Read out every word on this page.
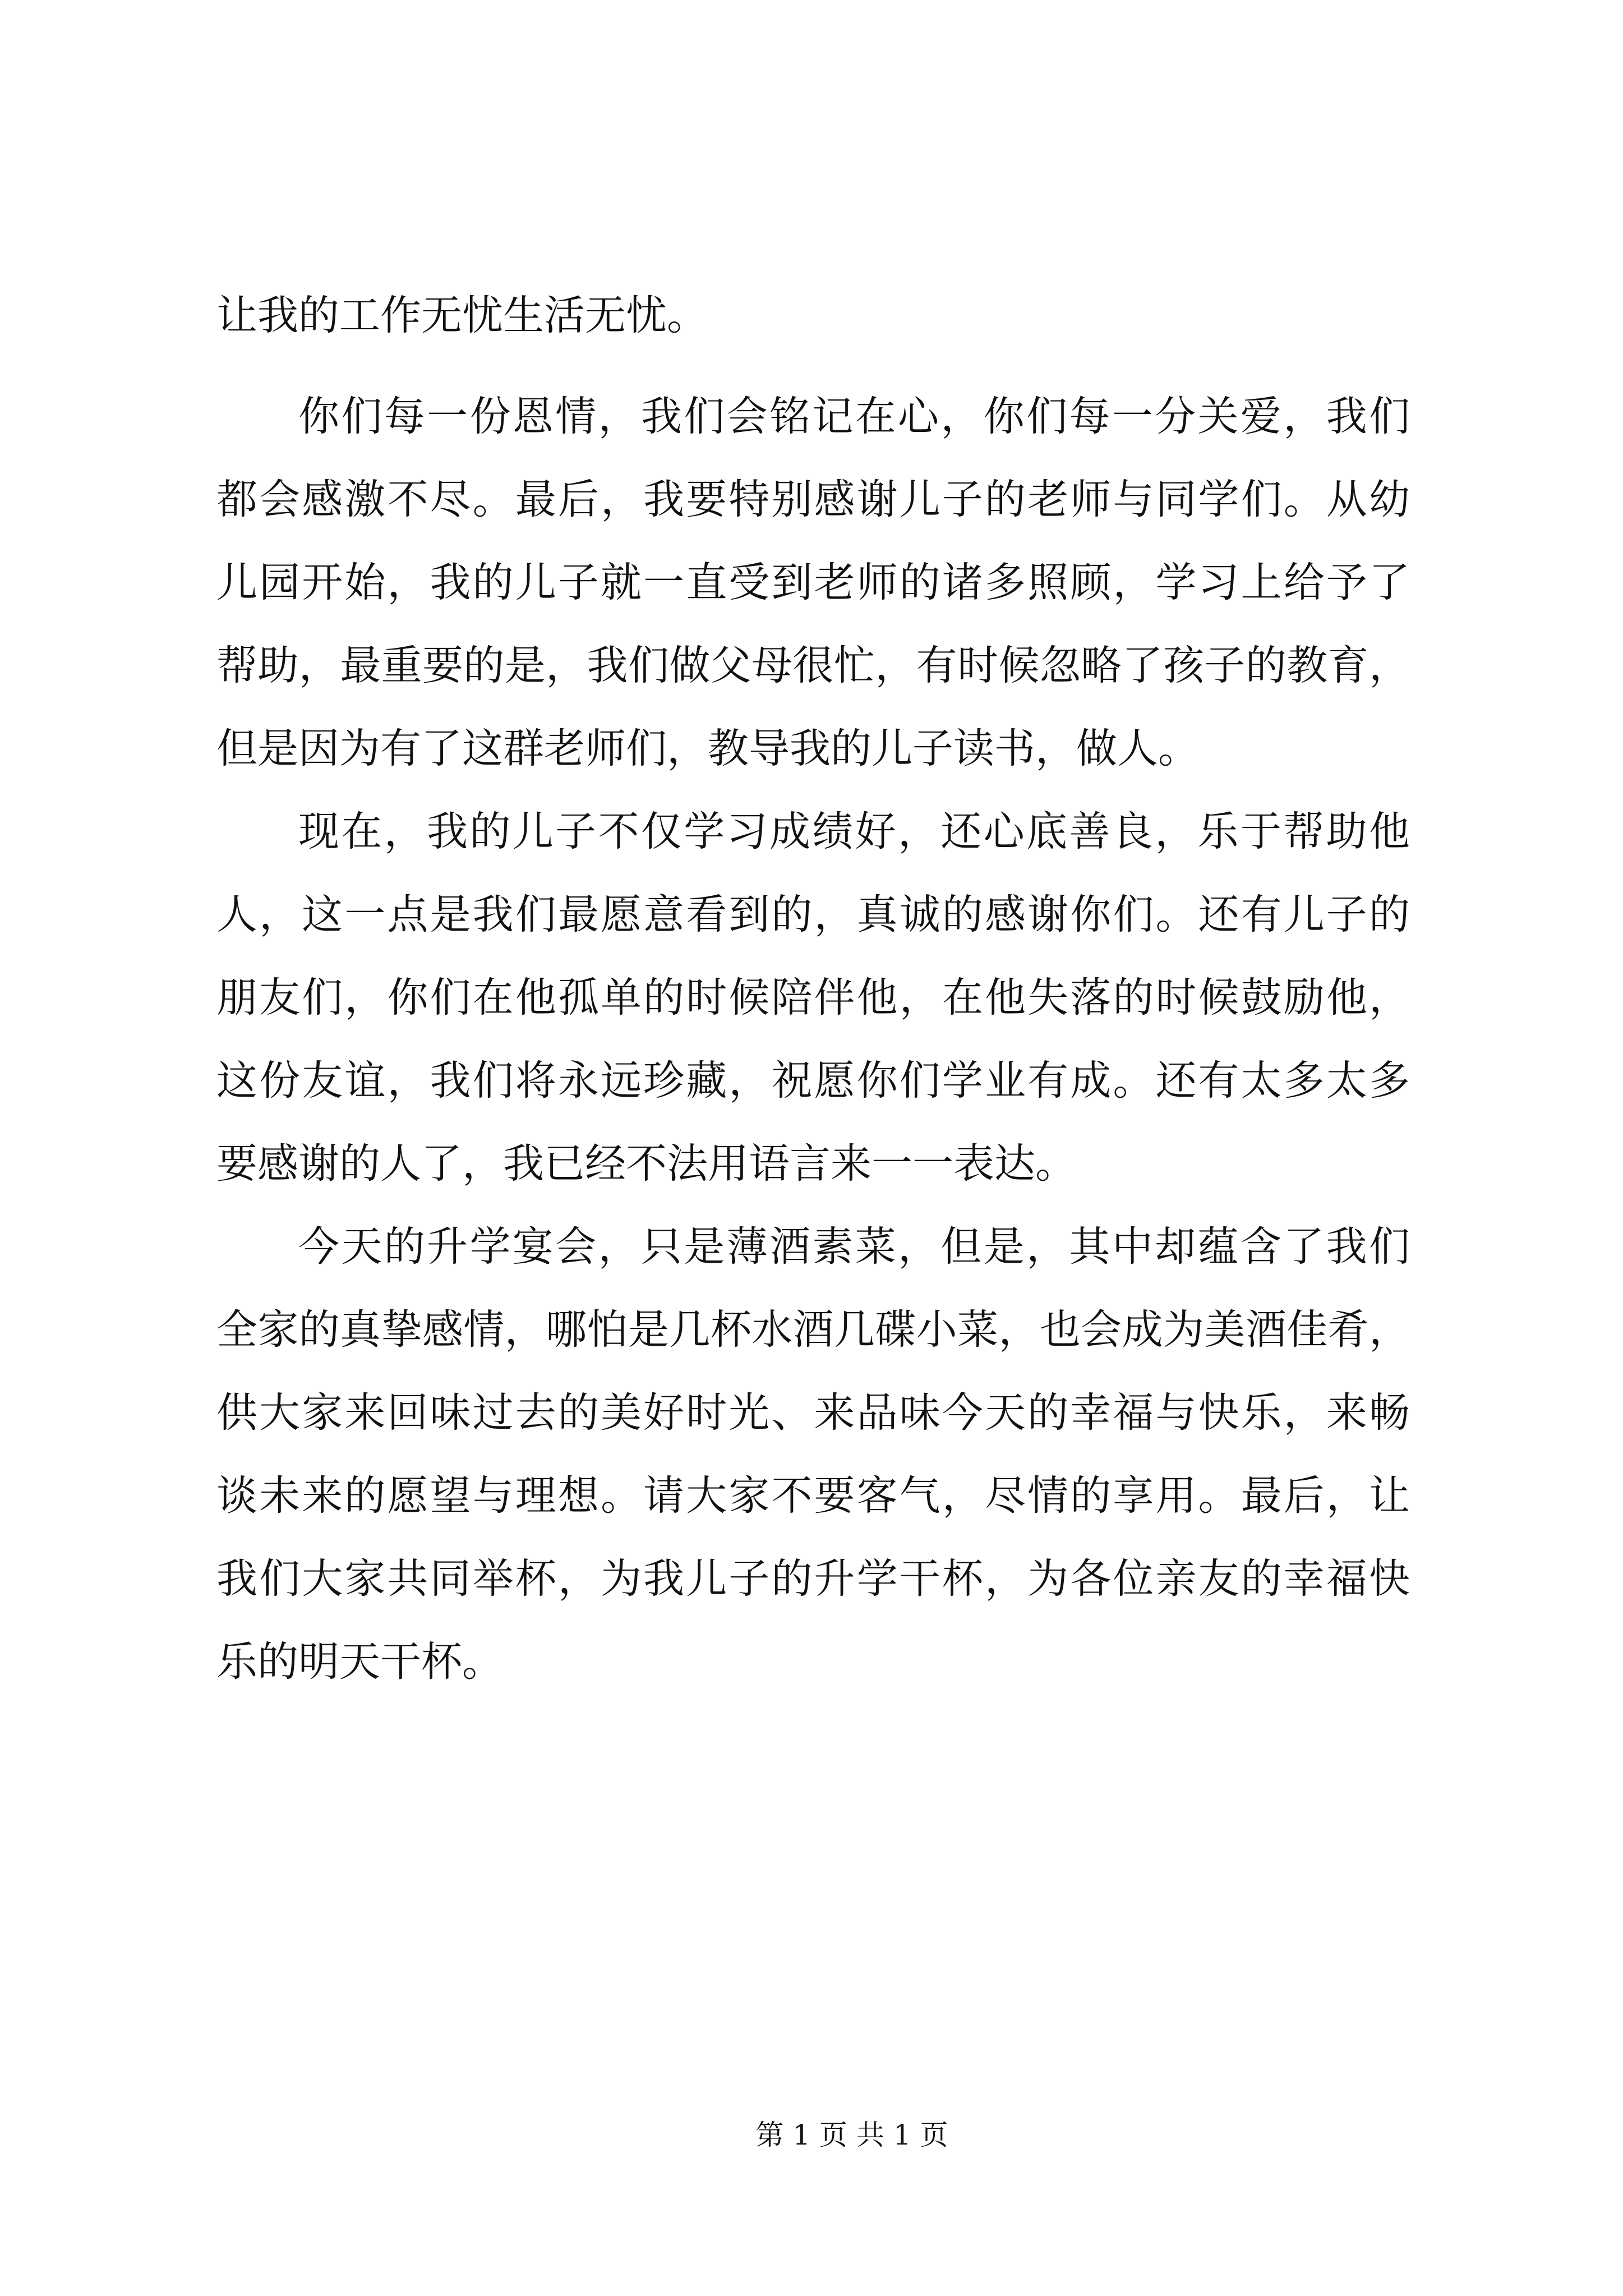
让我的工作无忧生活无忧。
你们每一份恩情，我们会铭记在心，你们每一分关爱，我们
都会感激不尽。最后，我要特别感谢儿子的老师与同学们。从幼
儿园开始，我的儿子就一直受到老师的诸多照顾，学习上给予了
帮助，最重要的是，我们做父母很忙，有时候忽略了孩子的教育，
但是因为有了这群老师们，教导我的儿子读书，做人。
现在，我的儿子不仅学习成绩好，还心底善良，乐于帮助他
人，这一点是我们最愿意看到的，真诚的感谢你们。还有儿子的
朋友们，你们在他孤单的时候陪伴他，在他失落的时候鼓励他，
这份友谊，我们将永远珍藏，祝愿你们学业有成。还有太多太多
要感谢的人了，我已经不法用语言来一一表达。
今天的升学宴会，只是薄酒素菜，但是，其中却蕴含了我们
全家的真挚感情，哪怕是几杯水酒几碟小菜，也会成为美酒佳肴，
供大家来回味过去的美好时光、来品味今天的幸福与快乐，来畅
谈未来的愿望与理想。请大家不要客气，尽情的享用。最后，让
我们大家共同举杯，为我儿子的升学干杯，为各位亲友的幸福快
乐的明天干杯。
第 1 页 共 1 页
